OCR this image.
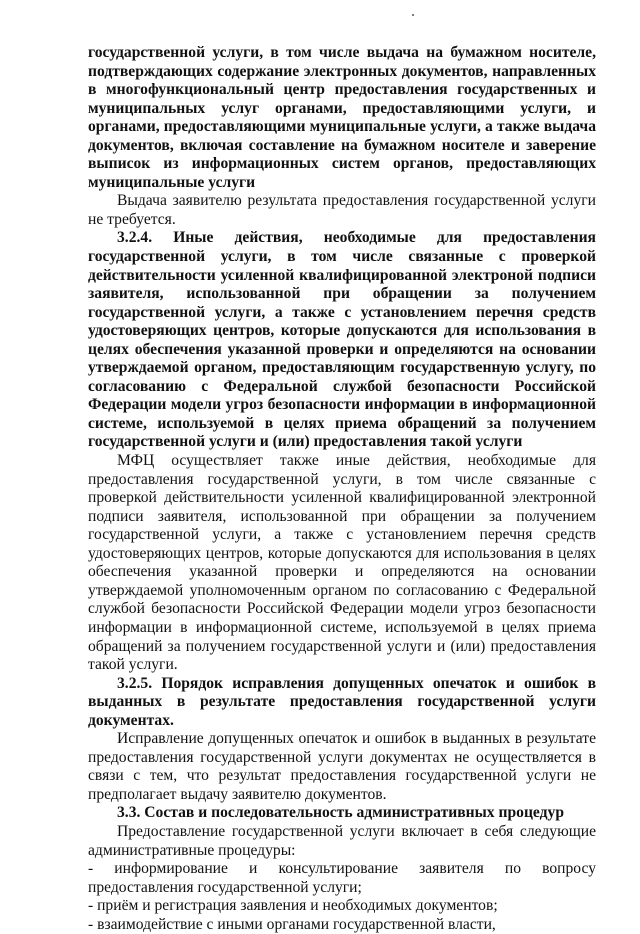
государственной услуги, в том числе выдача на бумажном носителе, подтверждающих содержание электронных документов, направленных в многофункциональный центр предоставления государственных и муниципальных услуг органами, предоставляющими услуги, и органами, предоставляющими муниципальные услуги, а также выдача документов, включая составление на бумажном носителе и заверение выписок из информационных систем органов, предоставляющих муниципальные услуги

Выдача заявителю результата предоставления государственной услуги не требуется.

3.2.4. Иные действия, необходимые для предоставления государственной услуги, в том числе связанные с проверкой действительности усиленной квалифицированной электроной подписи заявителя, использованной при обращении за получением государственной услуги, а также с установлением перечня средств удостоверяющих центров, которые допускаются для использования в целях обеспечения указанной проверки и определяются на основании утверждаемой органом, предоставляющим государственную услугу, по согласованию с Федеральной службой безопасности Российской Федерации модели угроз безопасности информации в информационной системе, используемой в целях приема обращений за получением государственной услуги и (или) предоставления такой услуги

МФЦ осуществляет также иные действия, необходимые для предоставления государственной услуги, в том числе связанные с проверкой действительности усиленной квалифицированной электронной подписи заявителя, использованной при обращении за получением государственной услуги, а также с установлением перечня средств удостоверяющих центров, которые допускаются для использования в целях обеспечения указанной проверки и определяются на основании утверждаемой уполномоченным органом по согласованию с Федеральной службой безопасности Российской Федерации модели угроз безопасности информации в информационной системе, используемой в целях приема обращений за получением государственной услуги и (или) предоставления такой услуги.

3.2.5. Порядок исправления допущенных опечаток и ошибок в выданных в результате предоставления государственной услуги документах.

Исправление допущенных опечаток и ошибок в выданных в результате предоставления государственной услуги документах не осуществляется в связи с тем, что результат предоставления государственной услуги не предполагает выдачу заявителю документов.

3.3. Состав и последовательность административных процедур

Предоставление государственной услуги включает в себя следующие административные процедуры:

- информирование и консультирование заявителя по вопросу предоставления государственной услуги;

- приём и регистрация заявления и необходимых документов;

- взаимодействие с иными органами государственной власти,
